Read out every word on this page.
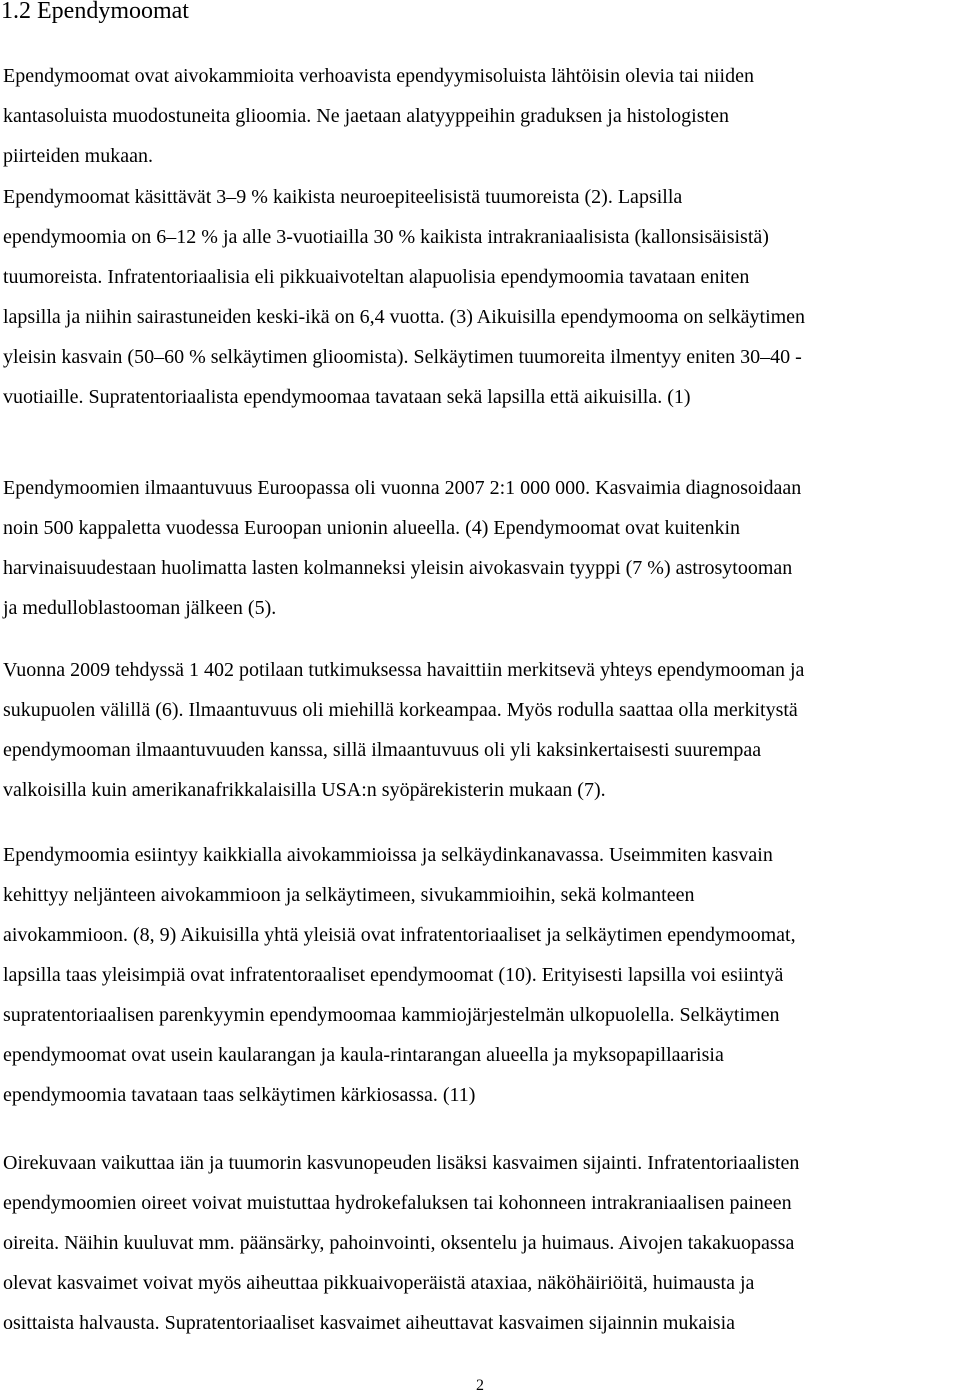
1.2 Ependymoomat
Ependymoomat ovat aivokammioita verhoavista ependyymisoluista lähtöisin olevia tai niiden
kantasoluista muodostuneita glioomia. Ne jaetaan alatyyppeihin graduksen ja histologisten
piirteiden mukaan.
Ependymoomat käsittävät 3–9 % kaikista neuroepiteelisistä tuumoreista (2). Lapsilla
ependymoomia on 6–12 % ja alle 3-vuotiailla 30 % kaikista intrakraniaalisista (kallonsisäisistä)
tuumoreista. Infratentoriaalisia eli pikkuaivoteltan alapuolisia ependymoomia tavataan eniten
lapsilla ja niihin sairastuneiden keski-ikä on 6,4 vuotta. (3) Aikuisilla ependymooma on selkäytimen
yleisin kasvain (50–60 % selkäytimen glioomista). Selkäytimen tuumoreita ilmentyy eniten 30–40 -
vuotiaille. Supratentoriaalista ependymoomaa tavataan sekä lapsilla että aikuisilla. (1)
Ependymoomien ilmaantuvuus Euroopassa oli vuonna 2007 2:1 000 000. Kasvaimia diagnosoidaan
noin 500 kappaletta vuodessa Euroopan unionin alueella. (4) Ependymoomat ovat kuitenkin
harvinaisuudestaan huolimatta lasten kolmanneksi yleisin aivokasvain tyyppi (7 %) astrosytooman
ja medulloblastooman jälkeen (5).
Vuonna 2009 tehdyssä 1 402 potilaan tutkimuksessa havaittiin merkitsevä yhteys ependymooman ja
sukupuolen välillä (6). Ilmaantuvuus oli miehillä korkeampaa. Myös rodulla saattaa olla merkitystä
ependymooman ilmaantuvuuden kanssa, sillä ilmaantuvuus oli yli kaksinkertaisesti suurempaa
valkoisilla kuin amerikanafrikkalaisilla USA:n syöpärekisterin mukaan (7).
Ependymoomia esiintyy kaikkialla aivokammioissa ja selkäydinkanavassa. Useimmiten kasvain
kehittyy neljänteen aivokammioon ja selkäytimeen, sivukammioihin, sekä kolmanteen
aivokammioon. (8, 9) Aikuisilla yhtä yleisiä ovat infratentoriaaliset ja selkäytimen ependymoomat,
lapsilla taas yleisimpiä ovat infratentoraaliset ependymoomat (10). Erityisesti lapsilla voi esiintyä
supratentoriaalisen parenkyymin ependymoomaa kammiojärjestelmän ulkopuolella. Selkäytimen
ependymoomat ovat usein kaularangan ja kaula-rintarangan alueella ja myksopapillaarisia
ependymoomia tavataan taas selkäytimen kärkiosassa. (11)
Oirekuvaan vaikuttaa iän ja tuumorin kasvunopeuden lisäksi kasvaimen sijainti. Infratentoriaalisten
ependymoomien oireet voivat muistuttaa hydrokefaluksen tai kohonneen intrakraniaalisen paineen
oireita. Näihin kuuluvat mm. päänsärky, pahoinvointi, oksentelu ja huimaus. Aivojen takakuopassa
olevat kasvaimet voivat myös aiheuttaa pikkuaivoperäistä ataxiaa, näköhäiriöitä, huimausta ja
osittaista halvausta. Supratentoriaaliset kasvaimet aiheuttavat kasvaimen sijainnin mukaisia
2
